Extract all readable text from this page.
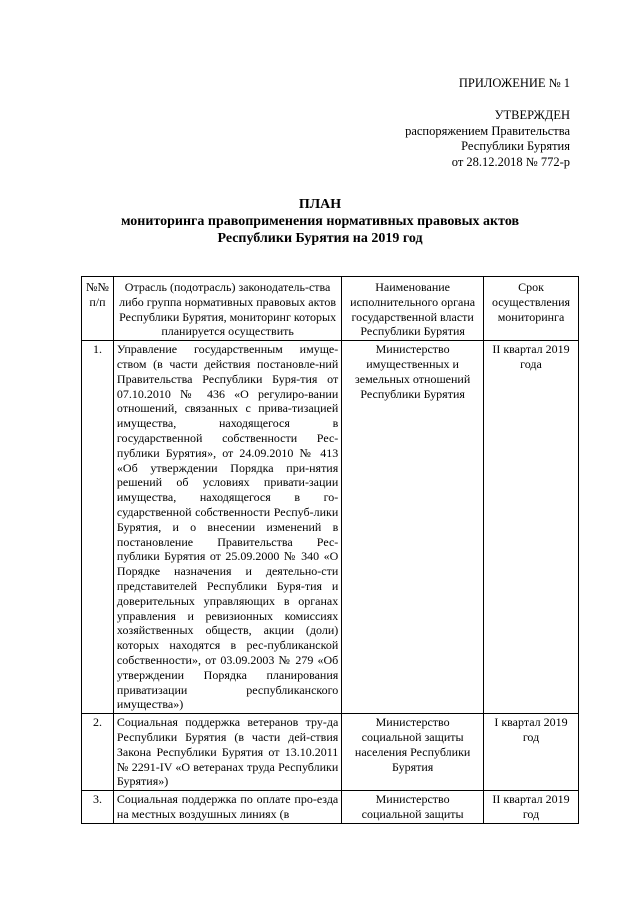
ПРИЛОЖЕНИЕ № 1
УТВЕРЖДЕН
распоряжением Правительства
Республики Бурятия
от 28.12.2018 № 772-р
ПЛАН
мониторинга правоприменения нормативных правовых актов
Республики Бурятия на 2019 год
№№ п/п	Отрасль (подотрасль) законодатель-ства либо группа нормативных правовых актов Республики Бурятия, мониторинг которых планируется осуществить	Наименование исполнительного органа государственной власти Республики Бурятия	Срок осуществления мониторинга
1.	Управление государственным имуще-ством (в части действия постановле-ний Правительства Республики Буря-тия от 07.10.2010 № 436 «О регулиро-вании отношений, связанных с прива-тизацией имущества, находящегося в государственной собственности Рес-публики Бурятия», от 24.09.2010 № 413 «Об утверждении Порядка при-нятия решений об условиях привати-зации имущества, находящегося в го-сударственной собственности Респуб-лики Бурятия, и о внесении изменений в постановление Правительства Рес-публики Бурятия от 25.09.2000 № 340 «О Порядке назначения и деятельно-сти представителей Республики Буря-тия и доверительных управляющих в органах управления и ревизионных комиссиях хозяйственных обществ, акции (доли) которых находятся в рес-публиканской собственности», от 03.09.2003 № 279 «Об утверждении Порядка планирования приватизации республиканского имущества»)	Министерство имущественных и земельных отношений Республики Бурятия	II квартал 2019 года
2.	Социальная поддержка ветеранов тру-да Республики Бурятия (в части дей-ствия Закона Республики Бурятия от 13.10.2011 № 2291-IV «О ветеранах труда Республики Бурятия»)	Министерство социальной защиты населения Республики Бурятия	I квартал 2019 год
3.	Социальная поддержка по оплате про-езда на местных воздушных линиях (в	Министерство социальной защиты	II квартал 2019 год
